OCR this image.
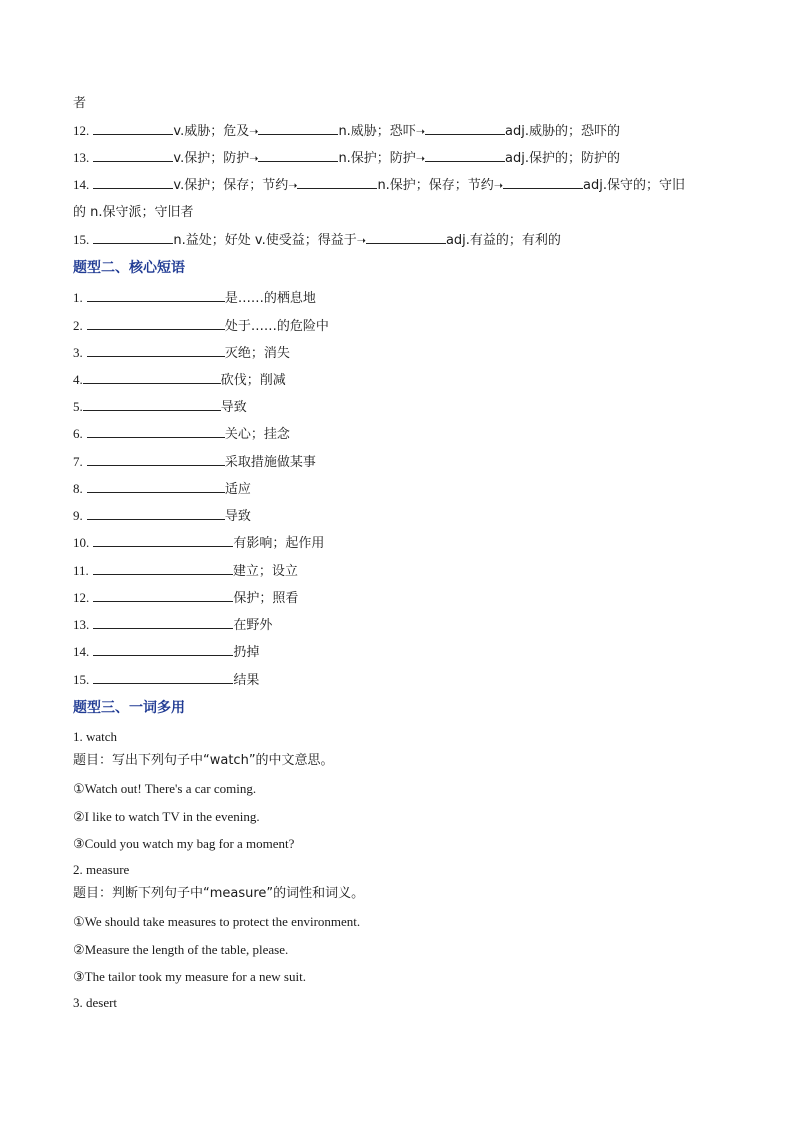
者
12.	v.威胁；危及➝	n.威胁；恐吓➝	adj.威胁的；恐吓的
13.	v.保护；防护➝	n.保护；防护➝	adj.保护的；防护的
14.	v.保护；保存；节约➝	n.保护；保存；节约➝	adj.保守的；守旧
的 n.保守派；守旧者
15.	n.益处；好处 v.使受益；得益于➝	adj.有益的；有利的
题型二、核心短语
1.	是……的栖息地
2.	处于……的危险中
3.	灭绝；消失
4.	砍伐；削减
5.	导致
6.	关心；挂念
7.	采取措施做某事
8.	适应
9.	导致
10.	有影响；起作用
11.	建立；设立
12.	保护；照看
13.	在野外
14.	扔掉
15.	结果
题型三、一词多用
1. watch
题目：写出下列句子中“watch”的中文意思。
①Watch out! There's a car coming.
②I like to watch TV in the evening.
③Could you watch my bag for a moment?
2. measure
题目：判断下列句子中“measure”的词性和词义。
①We should take measures to protect the environment.
②Measure the length of the table, please.
③The tailor took my measure for a new suit.
3. desert
